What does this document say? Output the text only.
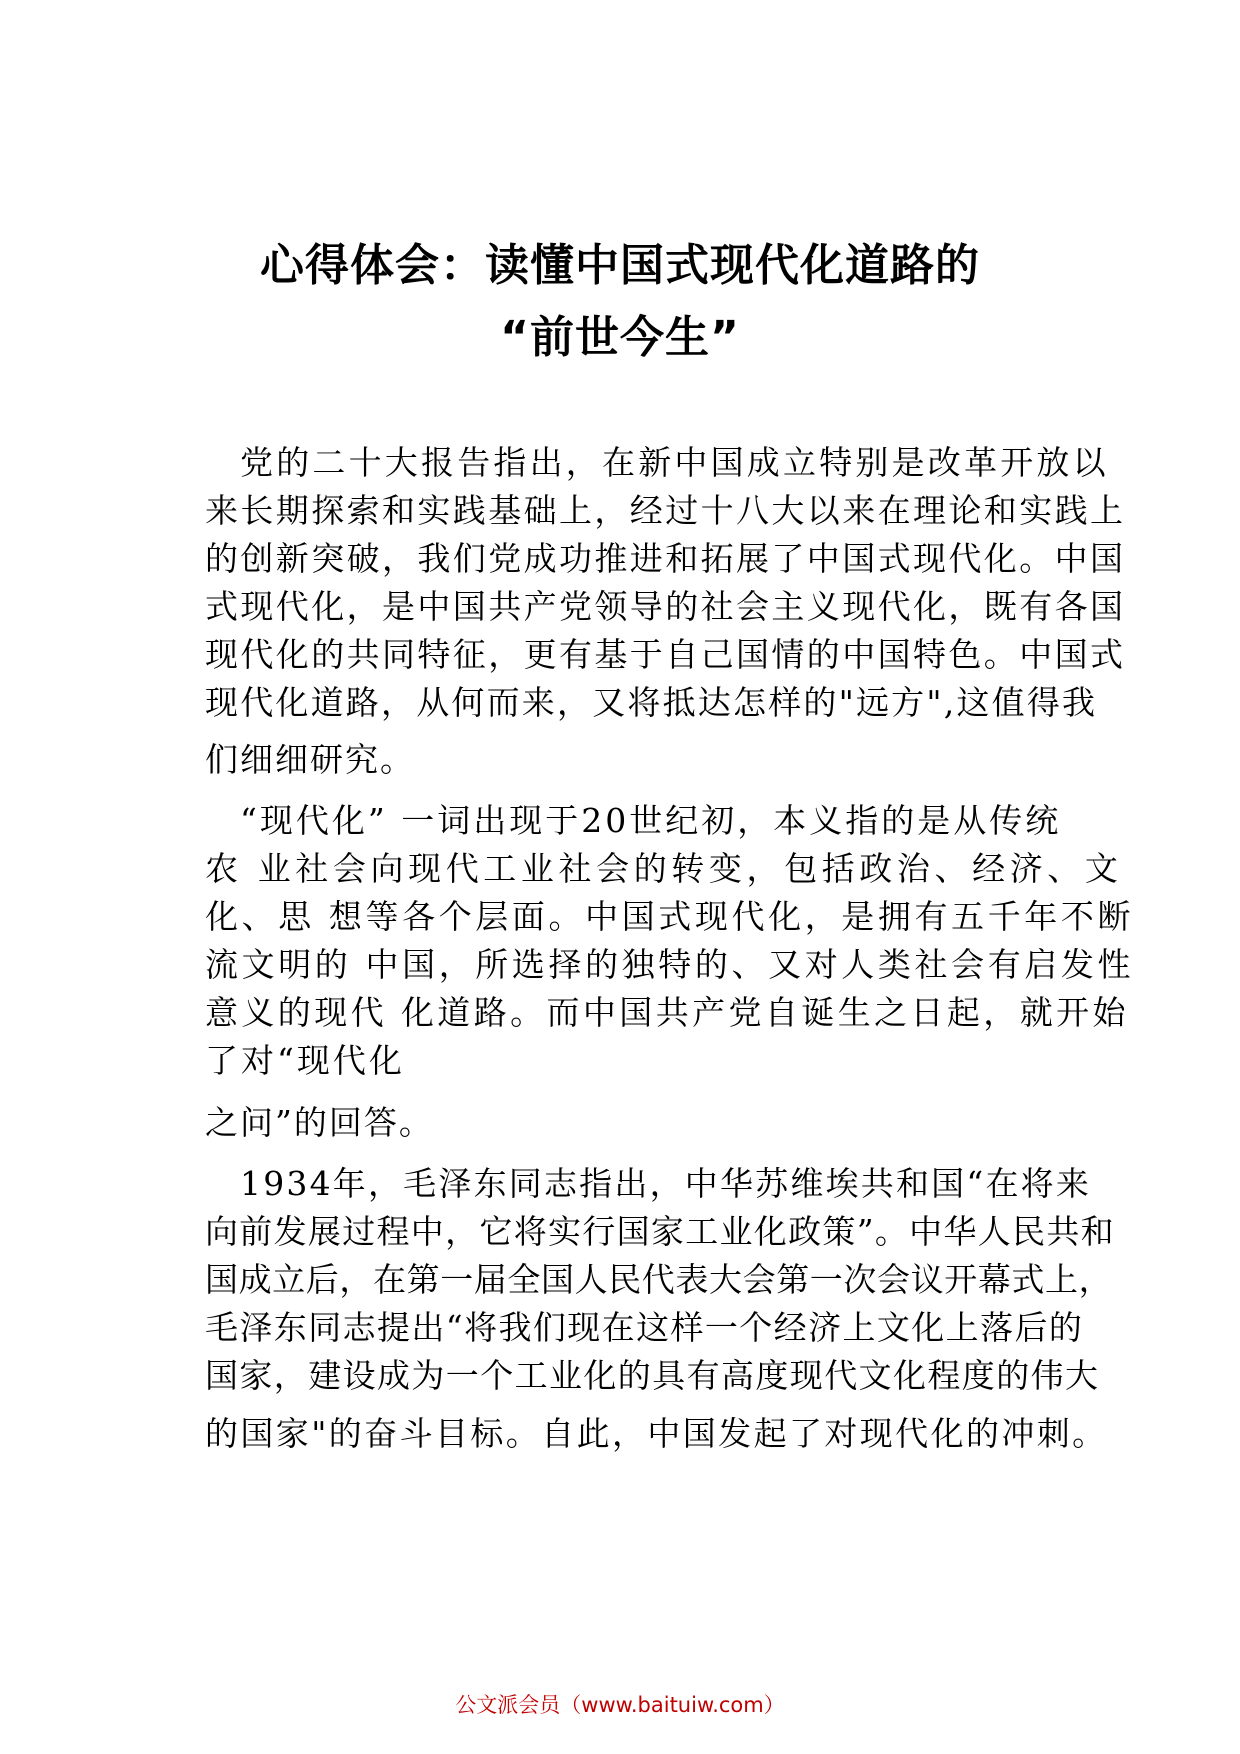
心得体会：读懂中国式现代化道路的
“前世今生”
党的二十大报告指出，在新中国成立特别是改革开放以
来长期探索和实践基础上，经过十八大以来在理论和实践上
的创新突破，我们党成功推进和拓展了中国式现代化。中国
式现代化，是中国共产党领导的社会主义现代化，既有各国
现代化的共同特征，更有基于自己国情的中国特色。中国式
现代化道路，从何而来，又将抵达怎样的"远方",这值得我
们细细研究。
“现代化” 一词出现于20世纪初，本义指的是从传统
农 业社会向现代工业社会的转变，包括政治、经济、文
化、思 想等各个层面。中国式现代化，是拥有五千年不断
流文明的 中国，所选择的独特的、又对人类社会有启发性
意义的现代 化道路。而中国共产党自诞生之日起，就开始
了对“现代化
之问”的回答。
1934年，毛泽东同志指出，中华苏维埃共和国“在将来
向前发展过程中，它将实行国家工业化政策”。中华人民共和
国成立后，在第一届全国人民代表大会第一次会议开幕式上，
毛泽东同志提出“将我们现在这样一个经济上文化上落后的
国家，建设成为一个工业化的具有高度现代文化程度的伟大
的国家"的奋斗目标。自此，中国发起了对现代化的冲刺。
公文派会员（www.baituiw.com）
